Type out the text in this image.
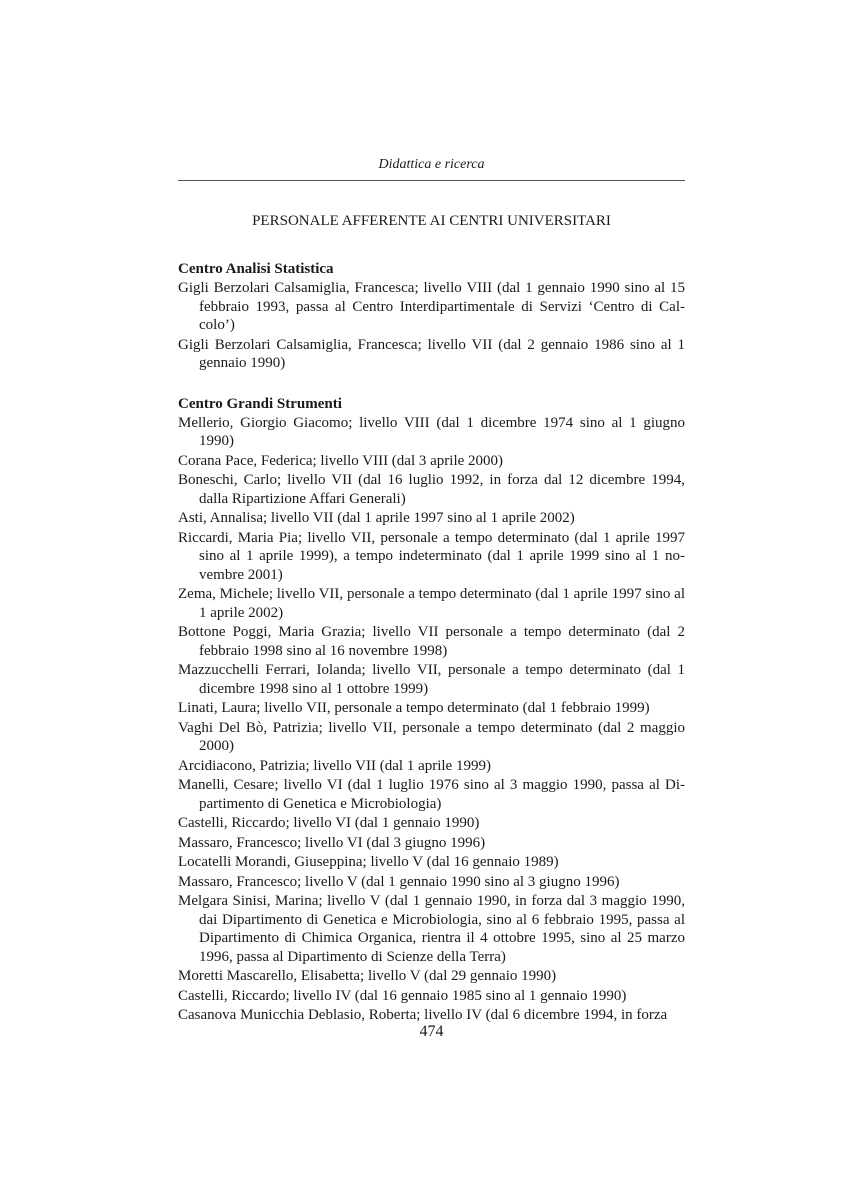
Didattica e ricerca
PERSONALE AFFERENTE AI CENTRI UNIVERSITARI
Centro Analisi Statistica
Gigli Berzolari Calsamiglia, Francesca; livello VIII (dal 1 gennaio 1990 sino al 15 febbraio 1993, passa al Centro Interdipartimentale di Servizi ‘Centro di Cal-colo’)
Gigli Berzolari Calsamiglia, Francesca; livello VII (dal 2 gennaio 1986 sino al 1 gennaio 1990)
Centro Grandi Strumenti
Mellerio, Giorgio Giacomo; livello VIII (dal 1 dicembre 1974 sino al 1 giugno 1990)
Corana Pace, Federica; livello VIII (dal 3 aprile 2000)
Boneschi, Carlo; livello VII (dal 16 luglio 1992, in forza dal 12 dicembre 1994, dalla Ripartizione Affari Generali)
Asti, Annalisa; livello VII (dal 1 aprile 1997 sino al 1 aprile 2002)
Riccardi, Maria Pia; livello VII, personale a tempo determinato (dal 1 aprile 1997 sino al 1 aprile 1999), a tempo indeterminato (dal 1 aprile 1999 sino al 1 no-vembre 2001)
Zema, Michele; livello VII, personale a tempo determinato (dal 1 aprile 1997 sino al 1 aprile 2002)
Bottone Poggi, Maria Grazia; livello VII personale a tempo determinato (dal 2 febbraio 1998 sino al 16 novembre 1998)
Mazzucchelli Ferrari, Iolanda; livello VII, personale a tempo determinato (dal 1 dicembre 1998 sino al 1 ottobre 1999)
Linati, Laura; livello VII, personale a tempo determinato (dal 1 febbraio 1999)
Vaghi Del Bò, Patrizia; livello VII, personale a tempo determinato (dal 2 maggio 2000)
Arcidiacono, Patrizia; livello VII (dal 1 aprile 1999)
Manelli, Cesare; livello VI (dal 1 luglio 1976 sino al 3 maggio 1990, passa al Di-partimento di Genetica e Microbiologia)
Castelli, Riccardo; livello VI (dal 1 gennaio 1990)
Massaro, Francesco; livello VI (dal 3 giugno 1996)
Locatelli Morandi, Giuseppina; livello V (dal 16 gennaio 1989)
Massaro, Francesco; livello V (dal 1 gennaio 1990 sino al 3 giugno 1996)
Melgara Sinisi, Marina; livello V (dal 1 gennaio 1990, in forza dal 3 maggio 1990, dai Dipartimento di Genetica e Microbiologia, sino al 6 febbraio 1995, passa al Dipartimento di Chimica Organica, rientra il 4 ottobre 1995, sino al 25 marzo 1996, passa al Dipartimento di Scienze della Terra)
Moretti Mascarello, Elisabetta; livello V (dal 29 gennaio 1990)
Castelli, Riccardo; livello IV (dal 16 gennaio 1985 sino al 1 gennaio 1990)
Casanova Municchia Deblasio, Roberta; livello IV (dal 6 dicembre 1994, in forza
474
